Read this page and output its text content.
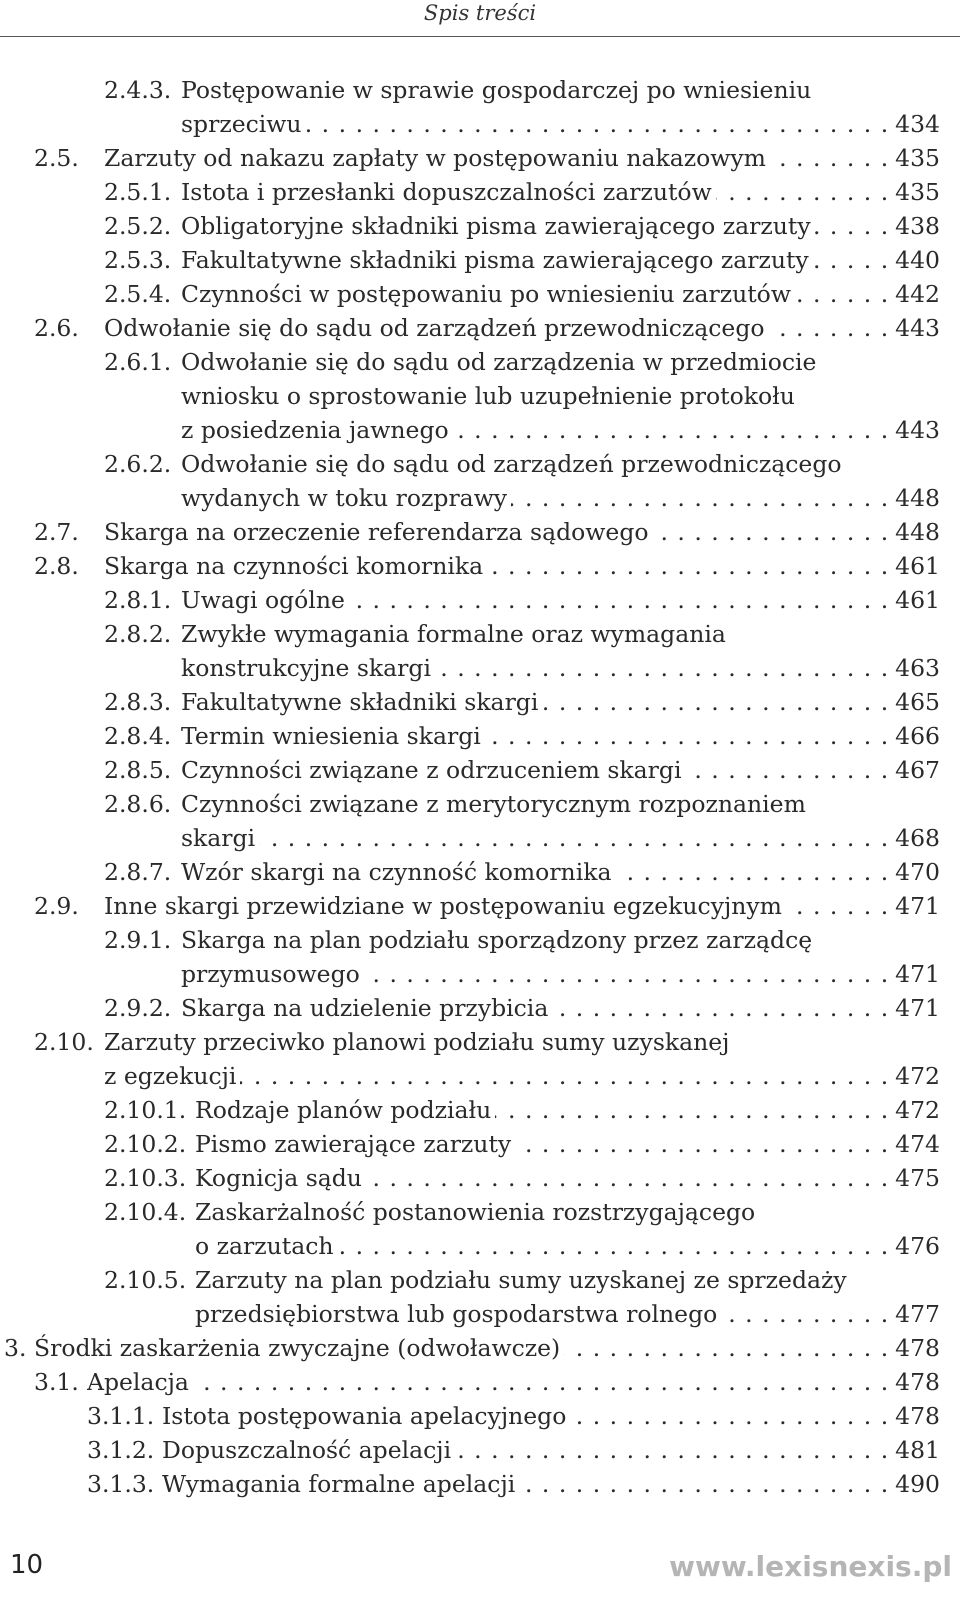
Spis treści
2.4.3. Postępowanie w sprawie gospodarczej po wniesieniu
sprzeciwu	434
. . .
2.5. Zarzuty od nakazu zapłaty w postępowaniu nakazowym	435
. . .
2.5.1. Istota i przesłanki dopuszczalności zarzutów	435
. . .
2.5.2. Obligatoryjne składniki pisma zawierającego zarzuty	438
. . .
2.5.3. Fakultatywne składniki pisma zawierającego zarzuty	440
. . .
2.5.4. Czynności w postępowaniu po wniesieniu zarzutów	442
. . .
2.6. Odwołanie się do sądu od zarządzeń przewodniczącego	443
. . .
2.6.1. Odwołanie się do sądu od zarządzenia w przedmiocie
wniosku o sprostowanie lub uzupełnienie protokołu
z posiedzenia jawnego	443
. . .
2.6.2. Odwołanie się do sądu od zarządzeń przewodniczącego
wydanych w toku rozprawy	448
. . .
2.7. Skarga na orzeczenie referendarza sądowego	448
. . .
2.8. Skarga na czynności komornika	461
. . .
2.8.1. Uwagi ogólne	461
. . .
2.8.2. Zwykłe wymagania formalne oraz wymagania
konstrukcyjne skargi	463
. . .
2.8.3. Fakultatywne składniki skargi	465
. . .
2.8.4. Termin wniesienia skargi	466
. . .
2.8.5. Czynności związane z odrzuceniem skargi	467
. . .
2.8.6. Czynności związane z merytorycznym rozpoznaniem
skargi	468
. . .
2.8.7. Wzór skargi na czynność komornika	470
. . .
2.9. Inne skargi przewidziane w postępowaniu egzekucyjnym	471
. . .
2.9.1. Skarga na plan podziału sporządzony przez zarządcę
przymusowego	471
. . .
2.9.2. Skarga na udzielenie przybicia	471
. . .
2.10. Zarzuty przeciwko planowi podziału sumy uzyskanej
z egzekucji	472
. . .
2.10.1. Rodzaje planów podziału	472
. . .
2.10.2. Pismo zawierające zarzuty	474
. . .
2.10.3. Kognicja sądu	475
. . .
2.10.4. Zaskarżalność postanowienia rozstrzygającego
o zarzutach	476
. . .
2.10.5. Zarzuty na plan podziału sumy uzyskanej ze sprzedaży
przedsiębiorstwa lub gospodarstwa rolnego	477
. . .
3. Środki zaskarżenia zwyczajne (odwoławcze)	478
. . .
3.1. Apelacja	478
. . .
3.1.1. Istota postępowania apelacyjnego	478
. . .
3.1.2. Dopuszczalność apelacji	481
. . .
3.1.3. Wymagania formalne apelacji	490
. . .
10	www.lexisnexis.pl
